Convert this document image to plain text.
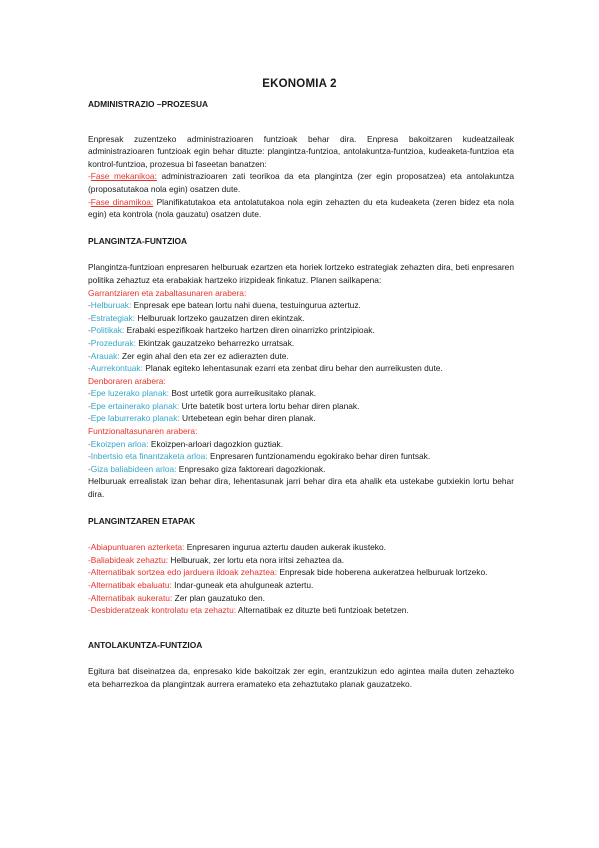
EKONOMIA 2

ADMINISTRAZIO –PROZESUA

Enpresak zuzentzeko administrazioaren funtzioak behar dira. Enpresa bakoitzaren kudeatzaileak administrazioaren funtzioak egin behar dituzte: plangintza-funtzioa, antolakuntza-funtzioa, kudeaketa-funtzioa eta kontrol-funtzioa, prozesua bi faseetan banatzen:

-Fase mekanikoa: administrazioaren zati teorikoa da eta plangintza (zer egin proposatzea) eta antolakuntza (proposatutakoa nola egin) osatzen dute.

-Fase dinamikoa: Planifikatutakoa eta antolatutakoa nola egin zehazten du eta kudeaketa (zeren bidez eta nola egin) eta kontrola (nola gauzatu) osatzen dute.

PLANGINTZA-FUNTZIOA

Plangintza-funtzioan enpresaren helburuak ezartzen eta horiek lortzeko estrategiak zehazten dira, beti enpresaren politika zehaztuz eta erabakiak hartzeko irizpideak finkatuz. Planen sailkapena:

Garrantziaren eta zabaltasunaren arabera:

-Helburuak: Enpresak epe batean lortu nahi duena, testuingurua aztertuz.

-Estrategiak: Helburuak lortzeko gauzatzen diren ekintzak.

-Politikak: Erabaki espezifikoak hartzeko hartzen diren oinarrizko printzipioak.

-Prozedurak: Ekintzak gauzatzeko beharrezko urratsak.

-Arauak: Zer egin ahal den eta zer ez adierazten dute.

-Aurrekontuak: Planak egiteko lehentasunak ezarri eta zenbat diru behar den aurreikusten dute.

Denboraren arabera:

-Epe luzerako planak: Bost urtetik gora aurreikusitako planak.

-Epe ertainerako planak: Urte batetik bost urtera lortu behar diren planak.

-Epe laburrerako planak: Urtebetean egin behar diren planak.

Funtzionaltasunaren arabera:

-Ekoizpen arloa: Ekoizpen-arloari dagozkion guztiak.

-Inbertsio eta finantzaketa arloa: Enpresaren funtzionamendu egokirako behar diren funtsak.

-Giza baliabideen arloa: Enpresako giza faktoreari dagozkionak.

Helburuak errealistak izan behar dira, lehentasunak jarri behar dira eta ahalik eta ustekabe gutxiekin lortu behar dira.

PLANGINTZAREN ETAPAK

-Abiapuntuaren azterketa: Enpresaren ingurua aztertu dauden aukerak ikusteko.

-Baliabideak zehaztu: Helburuak, zer lortu eta nora iritsi zehaztea da.

-Alternatibak sortzea edo jarduera ildoak zehaztea: Enpresak bide hoberena aukeratzea helburuak lortzeko.

-Alternatibak ebaluatu: Indar-guneak eta ahulguneak aztertu.

-Alternatibak aukeratu: Zer plan gauzatuko den.

-Desbideratzeak kontrolatu eta zehaztu: Alternatibak ez dituzte beti funtzioak betetzen.

ANTOLAKUNTZA-FUNTZIOA

Egitura bat diseinatzea da, enpresako kide bakoitzak zer egin, erantzukizun edo agintea maila duten zehazteko eta beharrezkoa da plangintzak aurrera eramateko eta zehaztutako planak gauzatzeko.
